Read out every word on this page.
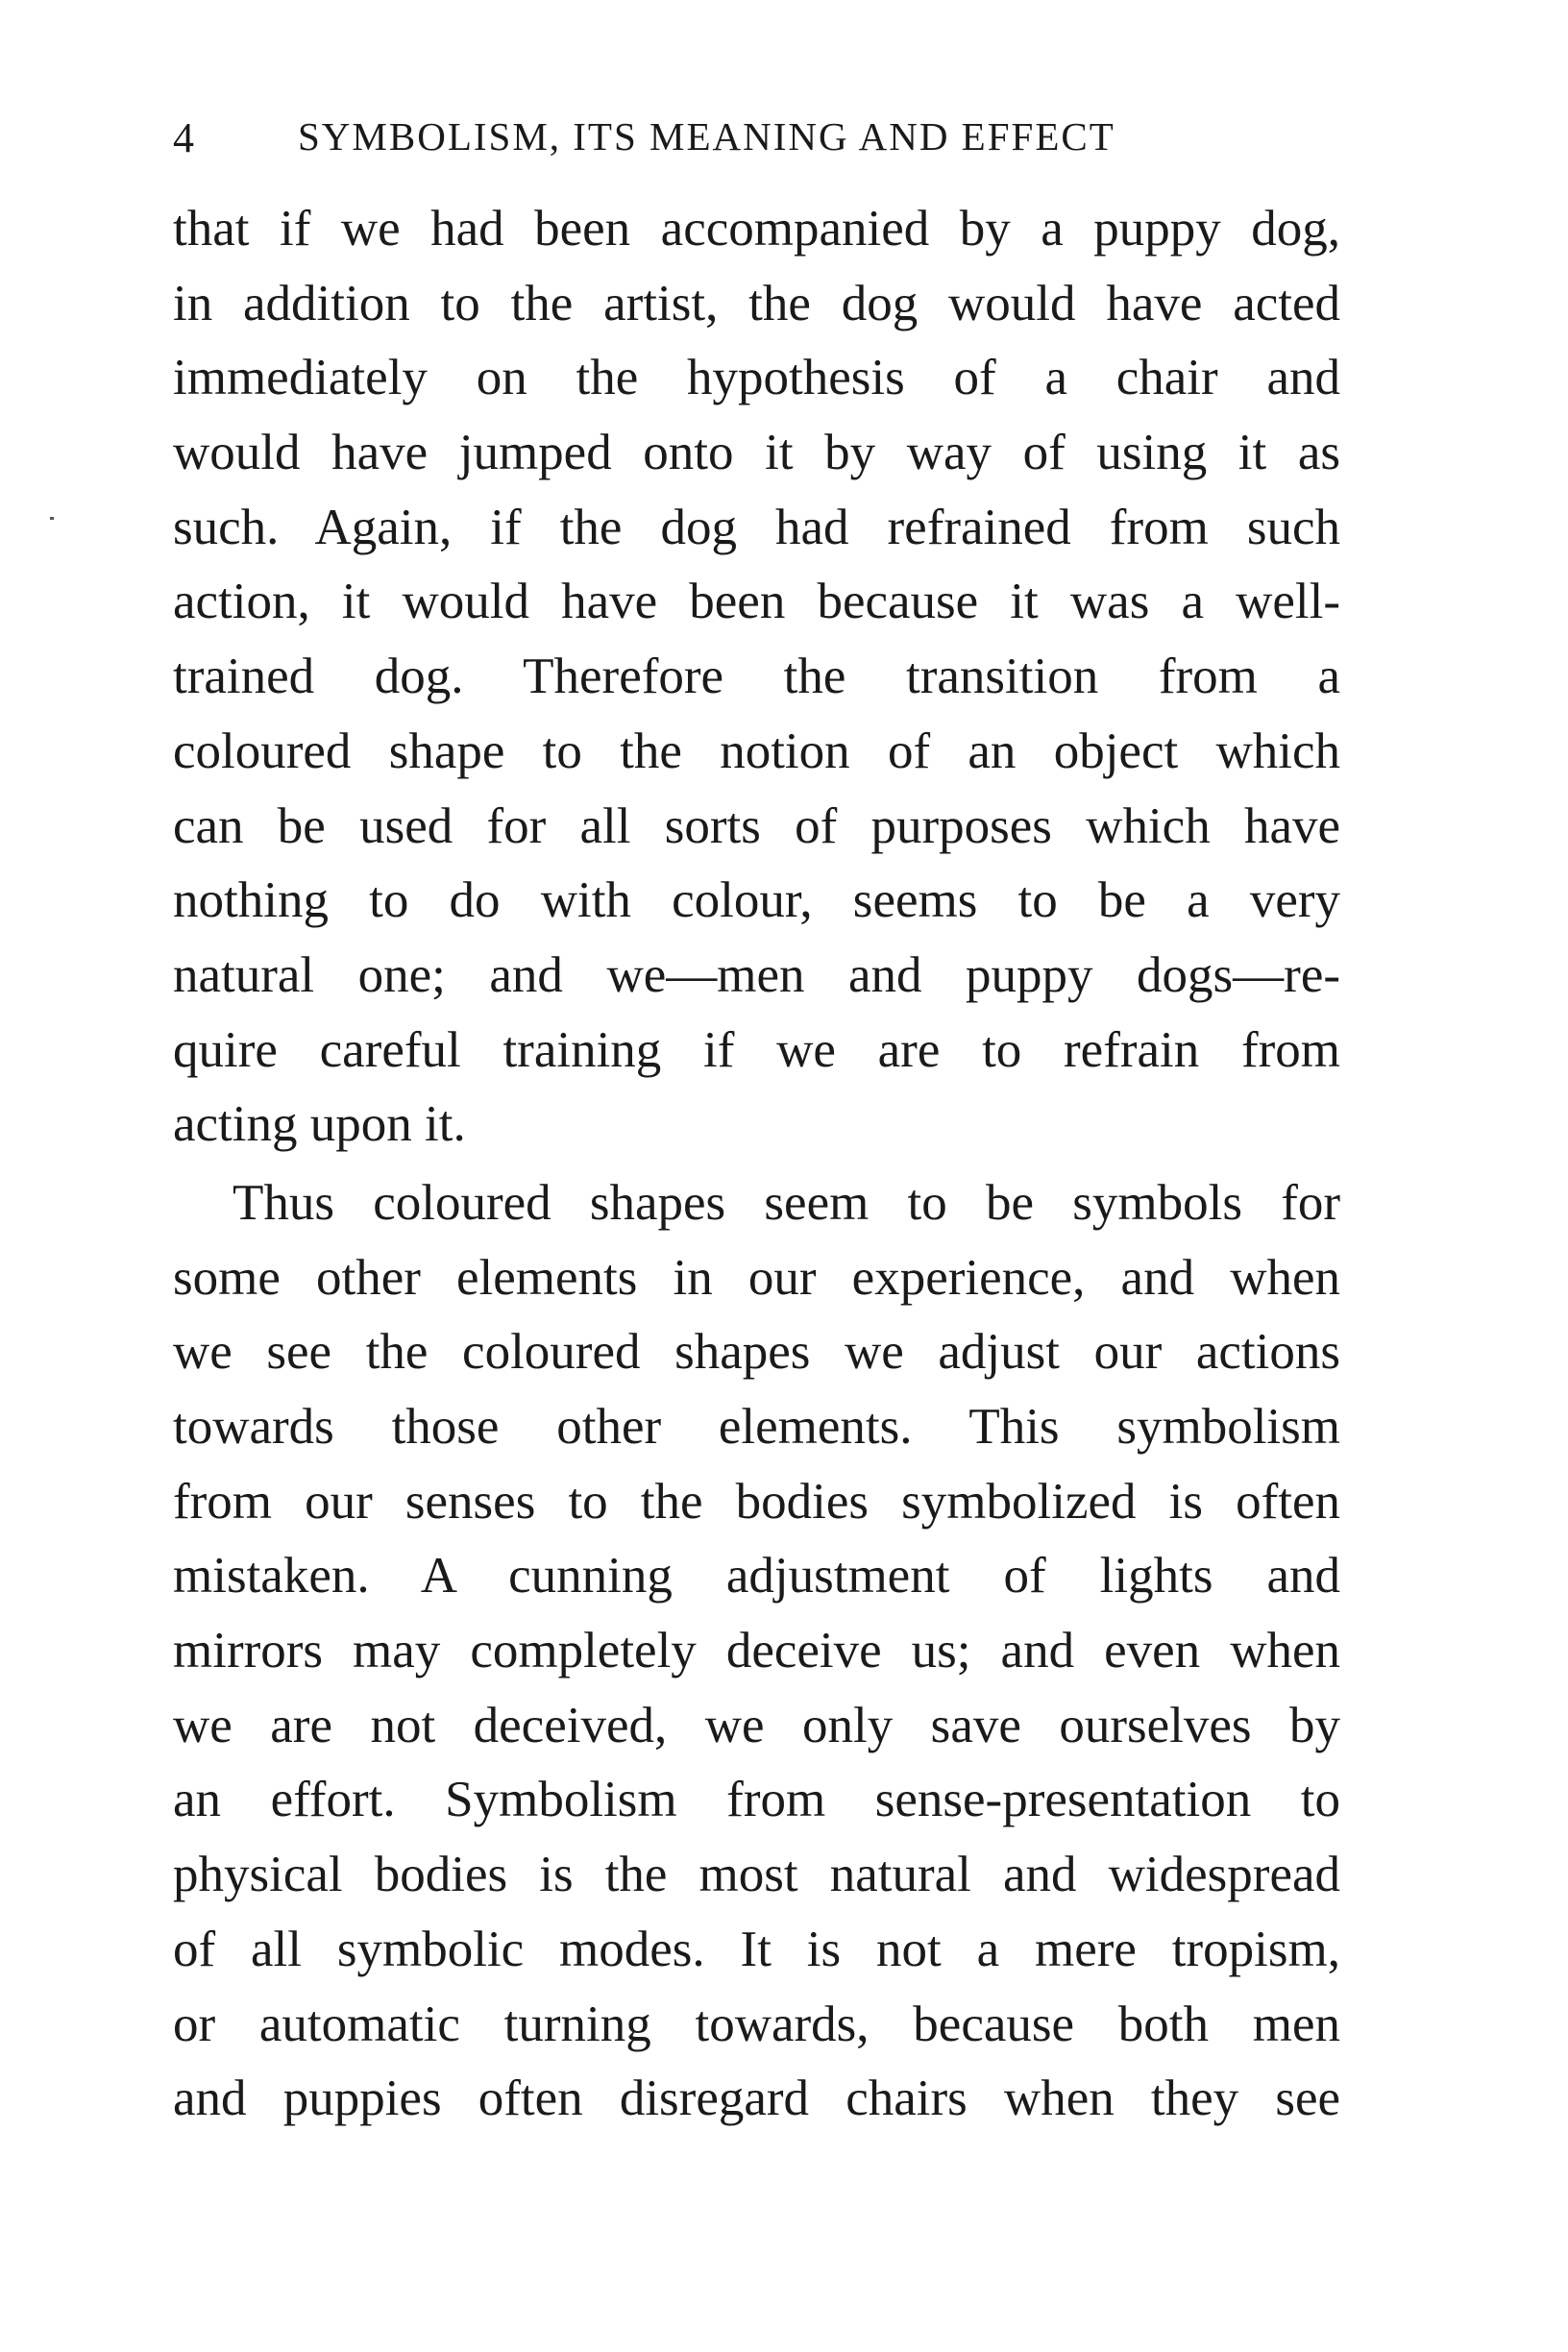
4	SYMBOLISM, ITS MEANING AND EFFECT
that if we had been accompanied by a puppy dog,
in addition to the artist, the dog would have acted
immediately on the hypothesis of a chair and
would have jumped onto it by way of using it as
such. Again, if the dog had refrained from such
action, it would have been because it was a well-
trained dog. Therefore the transition from a
coloured shape to the notion of an object which
can be used for all sorts of purposes which have
nothing to do with colour, seems to be a very
natural one; and we—men and puppy dogs—re-
quire careful training if we are to refrain from
acting upon it.
Thus coloured shapes seem to be symbols for
some other elements in our experience, and when
we see the coloured shapes we adjust our actions
towards those other elements. This symbolism
from our senses to the bodies symbolized is often
mistaken. A cunning adjustment of lights and
mirrors may completely deceive us; and even when
we are not deceived, we only save ourselves by
an effort. Symbolism from sense-presentation to
physical bodies is the most natural and widespread
of all symbolic modes. It is not a mere tropism,
or automatic turning towards, because both men
and puppies often disregard chairs when they see
